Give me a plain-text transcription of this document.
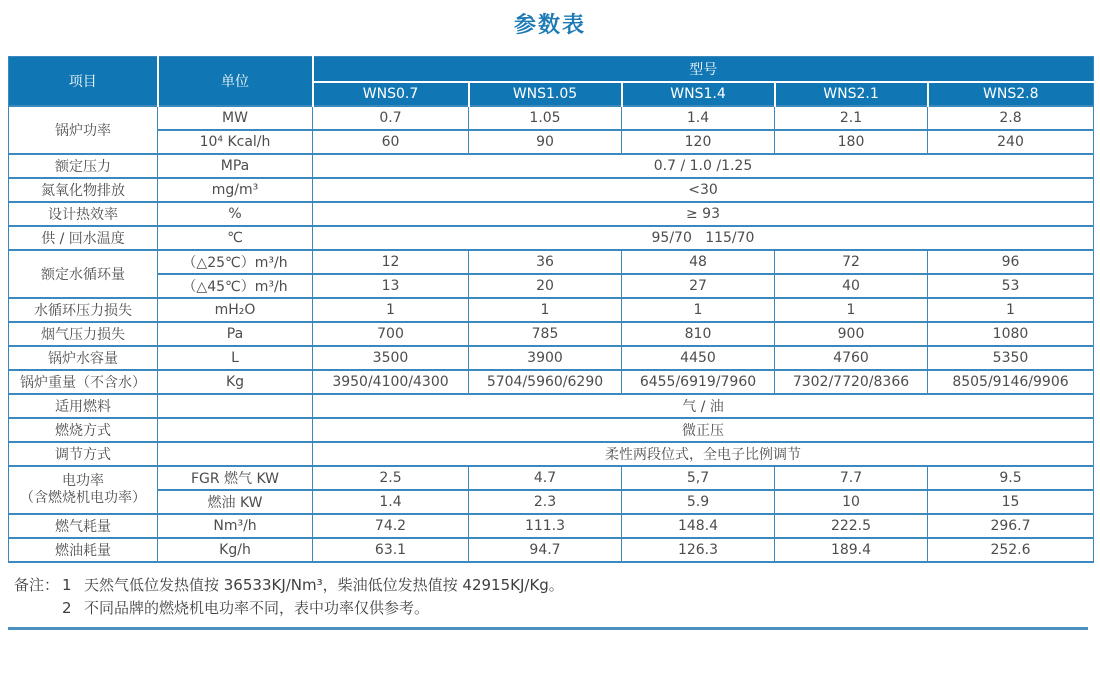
参数表
项目	单位	型号				
		WNS0.7	WNS1.05	WNS1.4	WNS2.1	WNS2.8
锅炉功率	MW	0.7	1.05	1.4	2.1	2.8
	10⁴ Kcal/h	60	90	120	180	240
额定压力	MPa	0.7 / 1.0 /1.25				
氮氧化物排放	mg/m³	<30				
设计热效率	%	≥ 93				
供 / 回水温度	℃	95/70   115/70				
额定水循环量	（△25℃）m³/h	12	36	48	72	96
	（△45℃）m³/h	13	20	27	40	53
水循环压力损失	mH₂O	1	1	1	1	1
烟气压力损失	Pa	700	785	810	900	1080
锅炉水容量	L	3500	3900	4450	4760	5350
锅炉重量（不含水）	Kg	3950/4100/4300	5704/5960/6290	6455/6919/7960	7302/7720/8366	8505/9146/9906
适用燃料		气 / 油				
燃烧方式		微正压				
调节方式		柔性两段位式，全电子比例调节				

电功率
（含燃烧机电功率）	FGR 燃气 KW	2.5	4.7	5,7	7.7	9.5
	燃油 KW	1.4	2.3	5.9	10	15
燃气耗量	Nm³/h	74.2	111.3	148.4	222.5	296.7
燃油耗量	Kg/h	63.1	94.7	126.3	189.4	252.6
备注： 1 天然气低位发热值按 36533KJ/Nm³，柴油低位发热值按 42915KJ/Kg。
2 不同品牌的燃烧机电功率不同，表中功率仅供参考。
